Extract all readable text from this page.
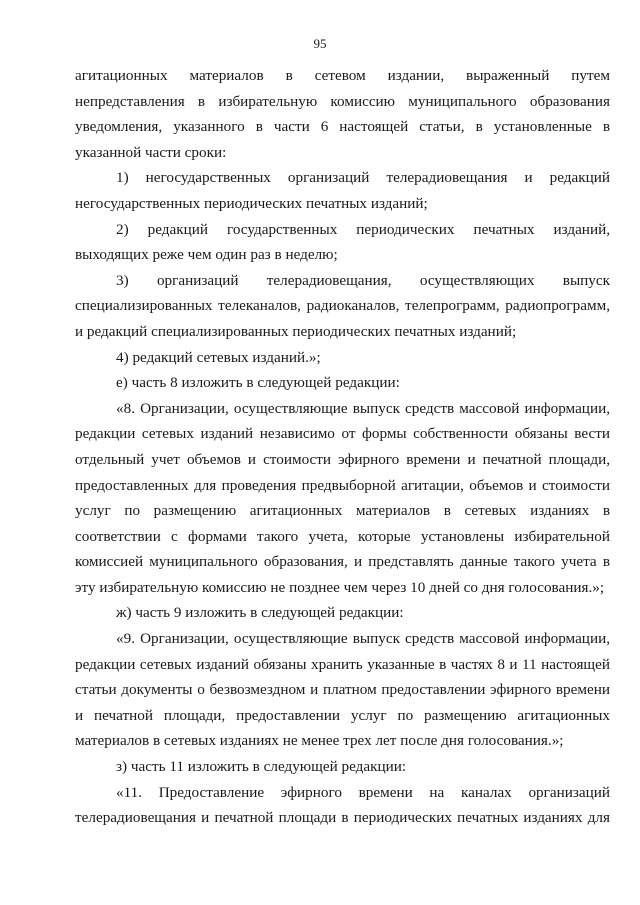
95

агитационных материалов в сетевом издании, выраженный путем непредставления в избирательную комиссию муниципального образования уведомления, указанного в части 6 настоящей статьи, в установленные в указанной части сроки:

1) негосударственных организаций телерадиовещания и редакций негосударственных периодических печатных изданий;

2) редакций государственных периодических печатных изданий, выходящих реже чем один раз в неделю;

3) организаций телерадиовещания, осуществляющих выпуск специализированных телеканалов, радиоканалов, телепрограмм, радиопрограмм, и редакций специализированных периодических печатных изданий;

4) редакций сетевых изданий.»;

е) часть 8 изложить в следующей редакции:

«8. Организации, осуществляющие выпуск средств массовой информации, редакции сетевых изданий независимо от формы собственности обязаны вести отдельный учет объемов и стоимости эфирного времени и печатной площади, предоставленных для проведения предвыборной агитации, объемов и стоимости услуг по размещению агитационных материалов в сетевых изданиях в соответствии с формами такого учета, которые установлены избирательной комиссией муниципального образования, и представлять данные такого учета в эту избирательную комиссию не позднее чем через 10 дней со дня голосования.»;

ж) часть 9 изложить в следующей редакции:

«9. Организации, осуществляющие выпуск средств массовой информации, редакции сетевых изданий обязаны хранить указанные в частях 8 и 11 настоящей статьи документы о безвозмездном и платном предоставлении эфирного времени и печатной площади, предоставлении услуг по размещению агитационных материалов в сетевых изданиях не менее трех лет после дня голосования.»;

з) часть 11 изложить в следующей редакции:

«11. Предоставление эфирного времени на каналах организаций телерадиовещания и печатной площади в периодических печатных изданиях для
